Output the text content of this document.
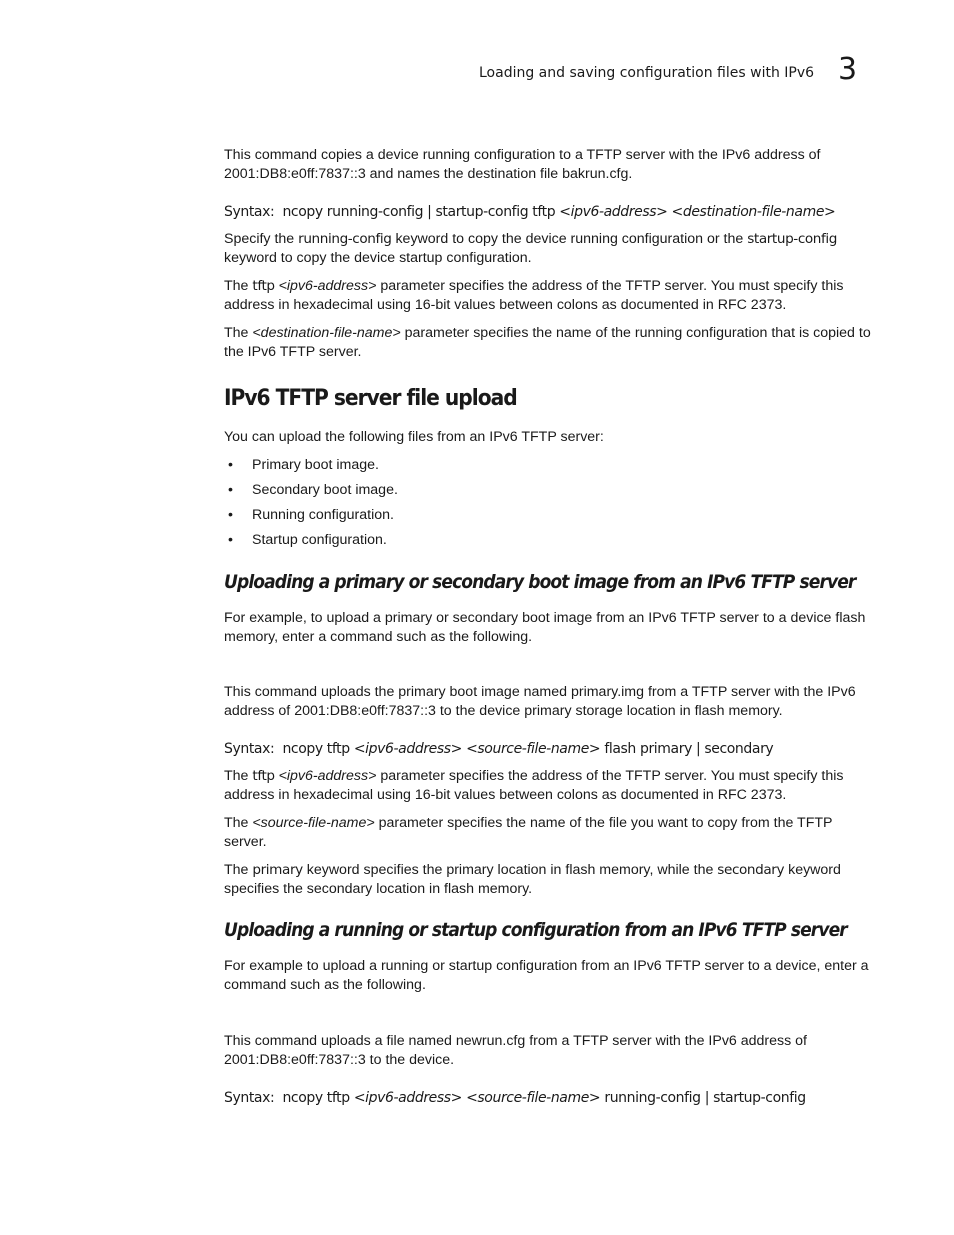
Loading and saving configuration files with IPv6 3

This command copies a device running configuration to a TFTP server with the IPv6 address of 2001:DB8:e0ff:7837::3 and names the destination file bakrun.cfg.

Syntax: ncopy running-config | startup-config tftp <ipv6-address> <destination-file-name>

Specify the running-config keyword to copy the device running configuration or the startup-config keyword to copy the device startup configuration.

The tftp <ipv6-address> parameter specifies the address of the TFTP server. You must specify this address in hexadecimal using 16-bit values between colons as documented in RFC 2373.

The <destination-file-name> parameter specifies the name of the running configuration that is copied to the IPv6 TFTP server.

IPv6 TFTP server file upload

You can upload the following files from an IPv6 TFTP server:

• Primary boot image.
• Secondary boot image.
• Running configuration.
• Startup configuration.
Uploading a primary or secondary boot image from an IPv6 TFTP server

For example, to upload a primary or secondary boot image from an IPv6 TFTP server to a device flash memory, enter a command such as the following.

This command uploads the primary boot image named primary.img from a TFTP server with the IPv6 address of 2001:DB8:e0ff:7837::3 to the device primary storage location in flash memory.

Syntax: ncopy tftp <ipv6-address> <source-file-name> flash primary | secondary

The tftp <ipv6-address> parameter specifies the address of the TFTP server. You must specify this address in hexadecimal using 16-bit values between colons as documented in RFC 2373.

The <source-file-name> parameter specifies the name of the file you want to copy from the TFTP server.

The primary keyword specifies the primary location in flash memory, while the secondary keyword specifies the secondary location in flash memory.

Uploading a running or startup configuration from an IPv6 TFTP server

For example to upload a running or startup configuration from an IPv6 TFTP server to a device, enter a command such as the following.

This command uploads a file named newrun.cfg from a TFTP server with the IPv6 address of 2001:DB8:e0ff:7837::3 to the device.

Syntax: ncopy tftp <ipv6-address> <source-file-name> running-config | startup-config
